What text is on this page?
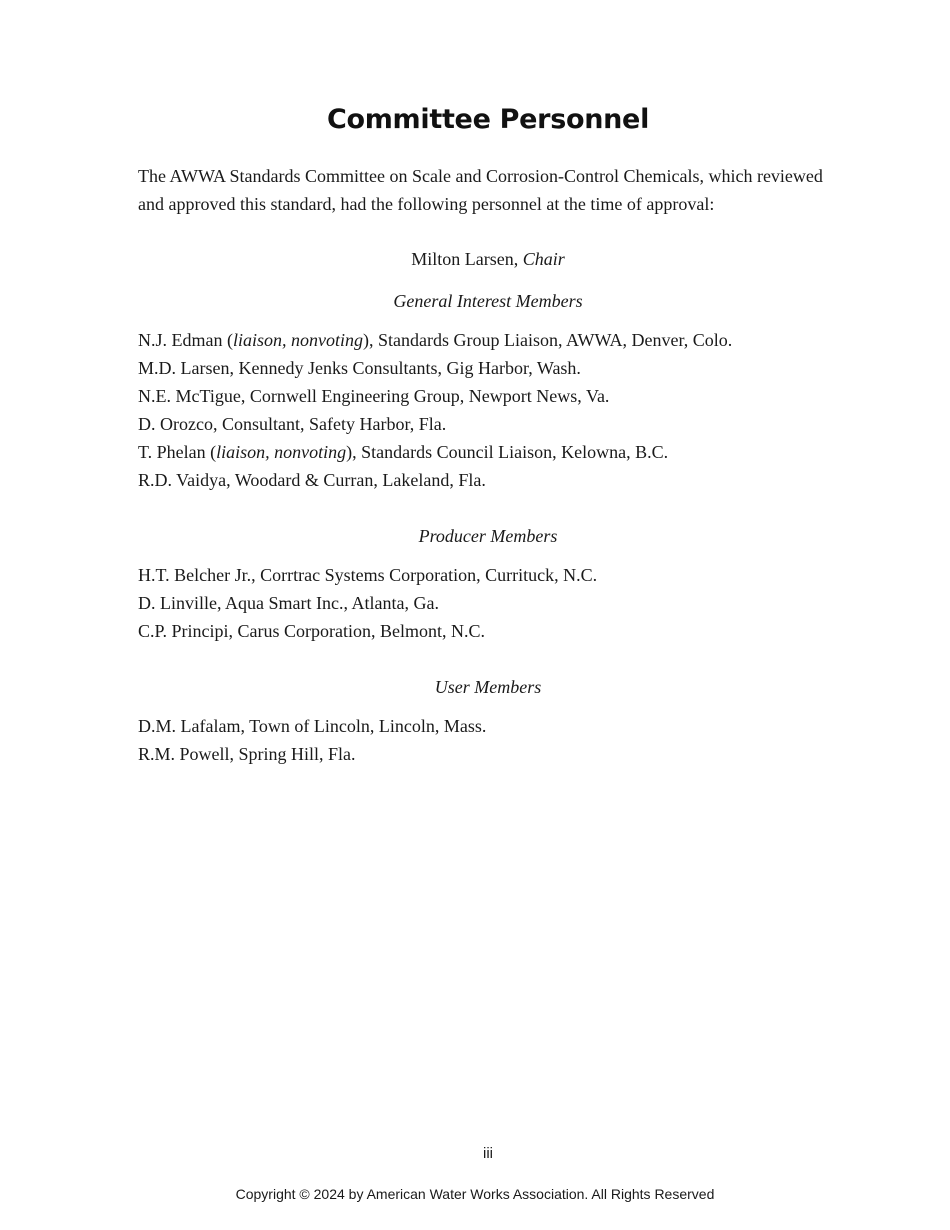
Committee Personnel

The AWWA Standards Committee on Scale and Corrosion-Control Chemicals, which reviewed and approved this standard, had the following personnel at the time of approval:

Milton Larsen, Chair

General Interest Members

N.J. Edman (liaison, nonvoting), Standards Group Liaison, AWWA, Denver, Colo.
M.D. Larsen, Kennedy Jenks Consultants, Gig Harbor, Wash.
N.E. McTigue, Cornwell Engineering Group, Newport News, Va.
D. Orozco, Consultant, Safety Harbor, Fla.
T. Phelan (liaison, nonvoting), Standards Council Liaison, Kelowna, B.C.
R.D. Vaidya, Woodard & Curran, Lakeland, Fla.

Producer Members

H.T. Belcher Jr., Corrtrac Systems Corporation, Currituck, N.C.
D. Linville, Aqua Smart Inc., Atlanta, Ga.
C.P. Principi, Carus Corporation, Belmont, N.C.

User Members

D.M. Lafalam, Town of Lincoln, Lincoln, Mass.
R.M. Powell, Spring Hill, Fla.

iii

Copyright © 2024 by American Water Works Association. All Rights Reserved
